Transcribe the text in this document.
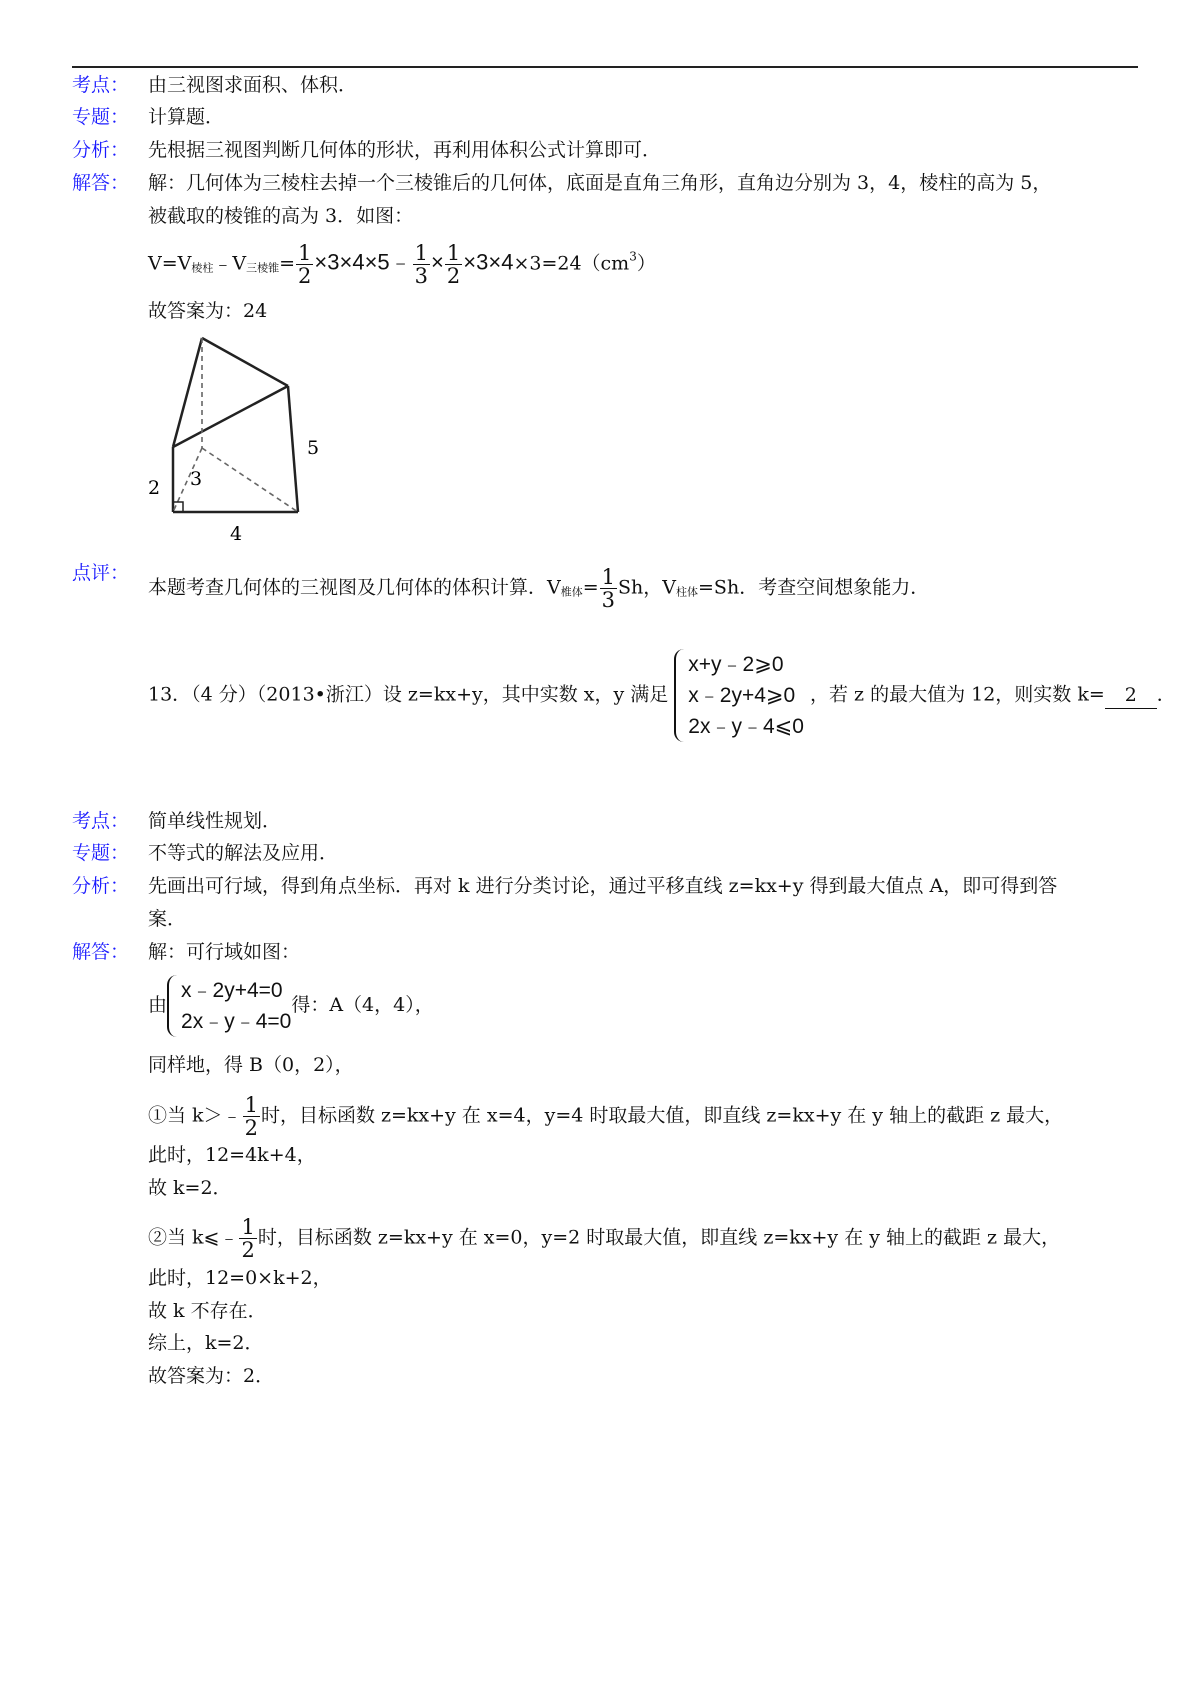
考点： 由三视图求面积、体积．
专题： 计算题．
分析： 先根据三视图判断几何体的形状，再利用体积公式计算即可．
解答： 解：几何体为三棱柱去掉一个三棱锥后的几何体，底面是直角三角形，直角边分别为 3，4，棱柱的高为 5，
被截取的棱锥的高为 3．如图：
V=V棱柱﹣V三棱锥= $\frac{1}{2}$ ×3×4×5﹣ $\frac{1}{3} \times \frac{1}{2} \times 3\times 4\times 3=24(cm^3)$
故答案为：24
5
2 3
4
点评：
本题考查几何体的三视图及几何体的体积计算．V椎体= $\frac{1}{3}$ Sh，V柱体=Sh．考查空间想象能力．
13．（4 分）（2013•浙江）设 z=kx+y，其中实数 x，y 满足
x+y﹣2⩾0
x﹣2y+4⩾0
2x﹣y﹣4⩽0
，若 z 的最大值为 12，则实数 k= 2 ．
考点： 简单线性规划．
专题： 不等式的解法及应用．
分析： 先画出可行域，得到角点坐标．再对 k 进行分类讨论，通过平移直线 z=kx+y 得到最大值点 A，即可得到答
案．
解答： 解：可行域如图：
由
x﹣2y+4=0
2x﹣y﹣4=0
得：A（4，4），
同样地，得 B（0，2），
①当 k＞﹣ $\frac{1}{2}$ 时，目标函数 z=kx+y 在 x=4，y=4 时取最大值，即直线 z=kx+y 在 y 轴上的截距 z 最大，
此时，12=4k+4，
故 k=2．
②当 k⩽﹣ $\frac{1}{2}$ 时，目标函数 z=kx+y 在 x=0，y=2 时取最大值，即直线 z=kx+y 在 y 轴上的截距 z 最大，
此时，12=0×k+2，
故 k 不存在．
综上，k=2．
故答案为：2．
